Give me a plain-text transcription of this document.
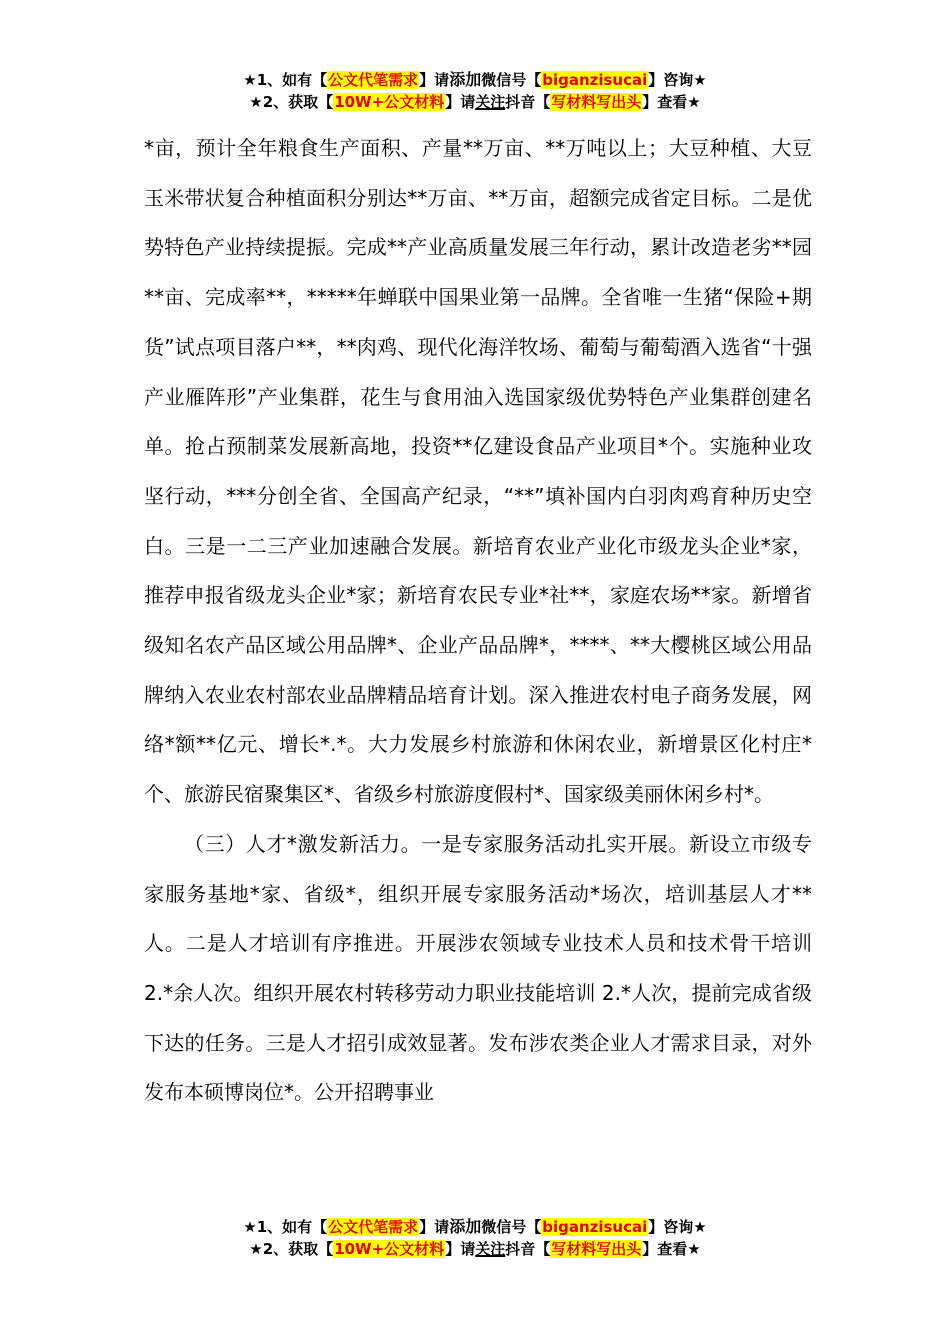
★1、如有【公文代笔需求】请添加微信号【biganzisucai】咨询★
★2、获取【10W+公文材料】请关注抖音【写材料写出头】查看★

*亩，预计全年粮食生产面积、产量**万亩、**万吨以上；大豆种植、大豆玉米带状复合种植面积分别达**万亩、**万亩，超额完成省定目标。二是优势特色产业持续提振。完成**产业高质量发展三年行动，累计改造老劣**园**亩、完成率**，*****年蝉联中国果业第一品牌。全省唯一生猪“保险+期货”试点项目落户**，**肉鸡、现代化海洋牧场、葡萄与葡萄酒入选省“十强产业雁阵形”产业集群，花生与食用油入选国家级优势特色产业集群创建名单。抢占预制菜发展新高地，投资**亿建设食品产业项目*个。实施种业攻坚行动，***分创全省、全国高产纪录，“**”填补国内白羽肉鸡育种历史空白。三是一二三产业加速融合发展。新培育农业产业化市级龙头企业*家，推荐申报省级龙头企业*家；新培育农民专业*社**，家庭农场**家。新增省级知名农产品区域公用品牌*、企业产品品牌*，****、**大樱桃区域公用品牌纳入农业农村部农业品牌精品培育计划。深入推进农村电子商务发展，网络*额**亿元、增长*.*。大力发展乡村旅游和休闲农业，新增景区化村庄*个、旅游民宿聚集区*、省级乡村旅游度假村*、国家级美丽休闲乡村*。

（三）人才*激发新活力。一是专家服务活动扎实开展。新设立市级专家服务基地*家、省级*，组织开展专家服务活动*场次，培训基层人才**人。二是人才培训有序推进。开展涉农领域专业技术人员和技术骨干培训 2.*余人次。组织开展农村转移劳动力职业技能培训 2.*人次，提前完成省级下达的任务。三是人才招引成效显著。发布涉农类企业人才需求目录，对外发布本硕博岗位*。公开招聘事业

★1、如有【公文代笔需求】请添加微信号【biganzisucai】咨询★
★2、获取【10W+公文材料】请关注抖音【写材料写出头】查看★
